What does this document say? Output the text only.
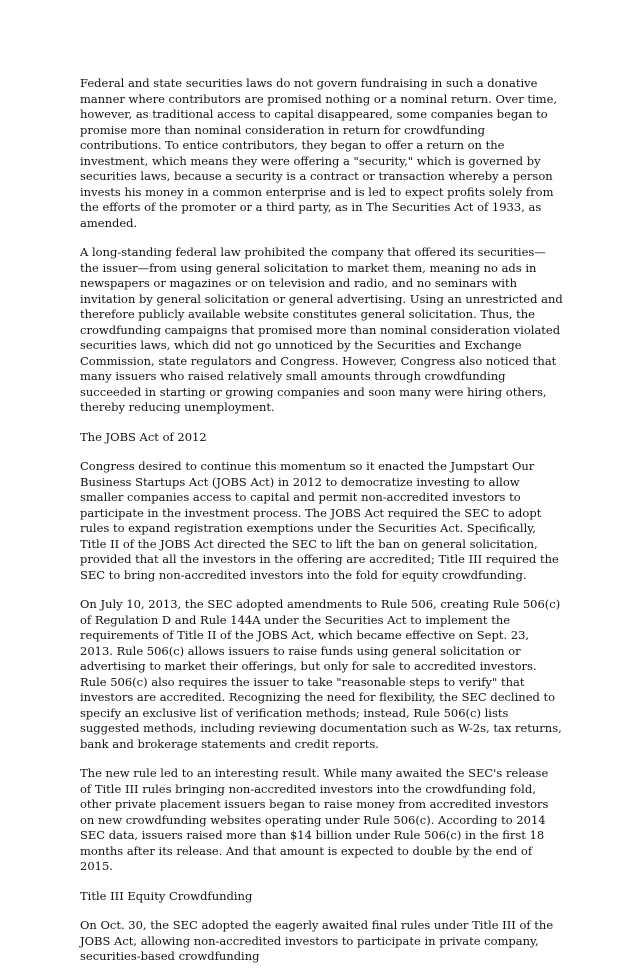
Federal and state securities laws do not govern fundraising in such a donative manner where contributors are promised nothing or a nominal return. Over time, however, as traditional access to capital disappeared, some companies began to promise more than nominal consideration in return for crowdfunding contributions. To entice contributors, they began to offer a return on the investment, which means they were offering a "security," which is governed by securities laws, because a security is a contract or transaction whereby a person invests his money in a common enterprise and is led to expect profits solely from the efforts of the promoter or a third party, as in The Securities Act of 1933, as amended.

A long-standing federal law prohibited the company that offered its securities—the issuer—from using general solicitation to market them, meaning no ads in newspapers or magazines or on television and radio, and no seminars with invitation by general solicitation or general advertising. Using an unrestricted and therefore publicly available website constitutes general solicitation. Thus, the crowdfunding campaigns that promised more than nominal consideration violated securities laws, which did not go unnoticed by the Securities and Exchange Commission, state regulators and Congress. However, Congress also noticed that many issuers who raised relatively small amounts through crowdfunding succeeded in starting or growing companies and soon many were hiring others, thereby reducing unemployment.

The JOBS Act of 2012

Congress desired to continue this momentum so it enacted the Jumpstart Our Business Startups Act (JOBS Act) in 2012 to democratize investing to allow smaller companies access to capital and permit non-accredited investors to participate in the investment process. The JOBS Act required the SEC to adopt rules to expand registration exemptions under the Securities Act. Specifically, Title II of the JOBS Act directed the SEC to lift the ban on general solicitation, provided that all the investors in the offering are accredited; Title III required the SEC to bring non-accredited investors into the fold for equity crowdfunding.

On July 10, 2013, the SEC adopted amendments to Rule 506, creating Rule 506(c) of Regulation D and Rule 144A under the Securities Act to implement the requirements of Title II of the JOBS Act, which became effective on Sept. 23, 2013. Rule 506(c) allows issuers to raise funds using general solicitation or advertising to market their offerings, but only for sale to accredited investors. Rule 506(c) also requires the issuer to take "reasonable steps to verify" that investors are accredited. Recognizing the need for flexibility, the SEC declined to specify an exclusive list of verification methods; instead, Rule 506(c) lists suggested methods, including reviewing documentation such as W-2s, tax returns, bank and brokerage statements and credit reports.

The new rule led to an interesting result. While many awaited the SEC's release of Title III rules bringing non-accredited investors into the crowdfunding fold, other private placement issuers began to raise money from accredited investors on new crowdfunding websites operating under Rule 506(c). According to 2014 SEC data, issuers raised more than $14 billion under Rule 506(c) in the first 18 months after its release. And that amount is expected to double by the end of 2015.

Title III Equity Crowdfunding

On Oct. 30, the SEC adopted the eagerly awaited final rules under Title III of the JOBS Act, allowing non-accredited investors to participate in private company, securities-based crowdfunding
